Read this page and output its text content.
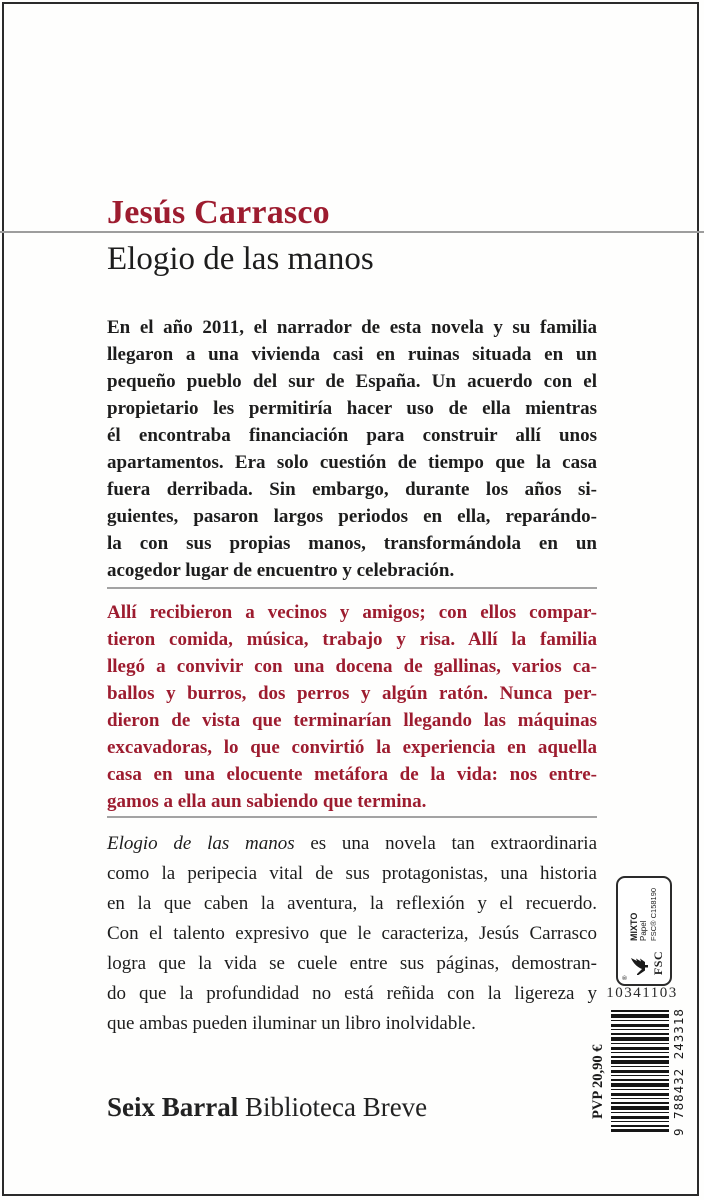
Jesús Carrasco
Elogio de las manos
En el año 2011, el narrador de esta novela y su familia
llegaron a una vivienda casi en ruinas situada en un
pequeño pueblo del sur de España. Un acuerdo con el
propietario les permitiría hacer uso de ella mientras
él encontraba financiación para construir allí unos
apartamentos. Era solo cuestión de tiempo que la casa
fuera derribada. Sin embargo, durante los años si-
guientes, pasaron largos periodos en ella, reparándo-
la con sus propias manos, transformándola en un
acogedor lugar de encuentro y celebración.
Allí recibieron a vecinos y amigos; con ellos compar-
tieron comida, música, trabajo y risa. Allí la familia
llegó a convivir con una docena de gallinas, varios ca-
ballos y burros, dos perros y algún ratón. Nunca per-
dieron de vista que terminarían llegando las máquinas
excavadoras, lo que convirtió la experiencia en aquella
casa en una elocuente metáfora de la vida: nos entre-
gamos a ella aun sabiendo que termina.
Elogio de las manos es una novela tan extraordinaria
como la peripecia vital de sus protagonistas, una historia
en la que caben la aventura, la reflexión y el recuerdo.
Con el talento expresivo que le caracteriza, Jesús Carrasco
logra que la vida se cuele entre sus páginas, demostran-
do que la profundidad no está reñida con la ligereza y
que ambas pueden iluminar un libro inolvidable.
Seix Barral Biblioteca Breve
®
FSC
MIXTO Papel FSC® C158190
10341103
9 788432 243318
PVP 20,90 €
